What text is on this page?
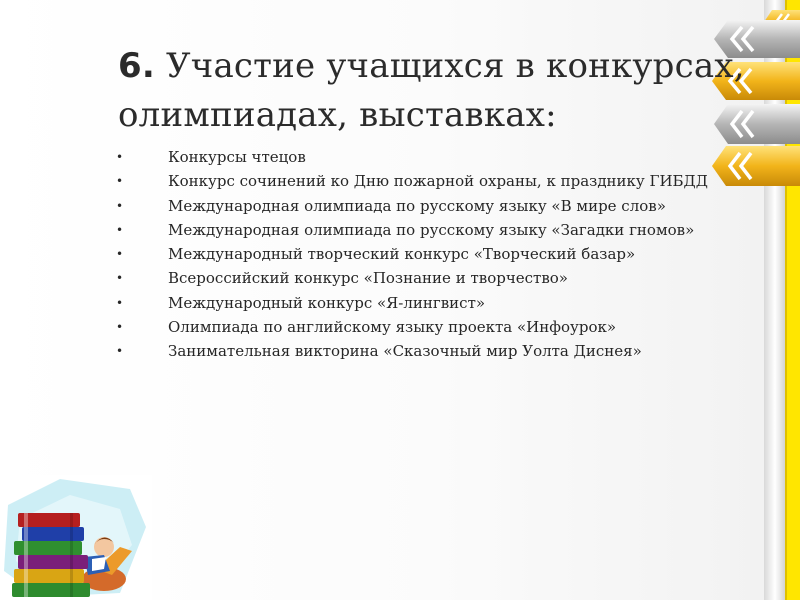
6. Участие учащихся в конкурсах, олимпиадах, выставках:
•	Конкурсы чтецов
•	Конкурс сочинений ко Дню пожарной охраны, к празднику ГИБДД
•	Международная олимпиада по русскому языку «В мире слов»
•	Международная олимпиада по русскому языку «Загадки гномов»
•	Международный творческий конкурс «Творческий базар»
•	Всероссийский конкурс «Познание и творчество»
•	Международный конкурс «Я-лингвист»
•	Олимпиада по английскому языку проекта «Инфоурок»
•	Занимательная викторина «Сказочный мир Уолта Диснея»
